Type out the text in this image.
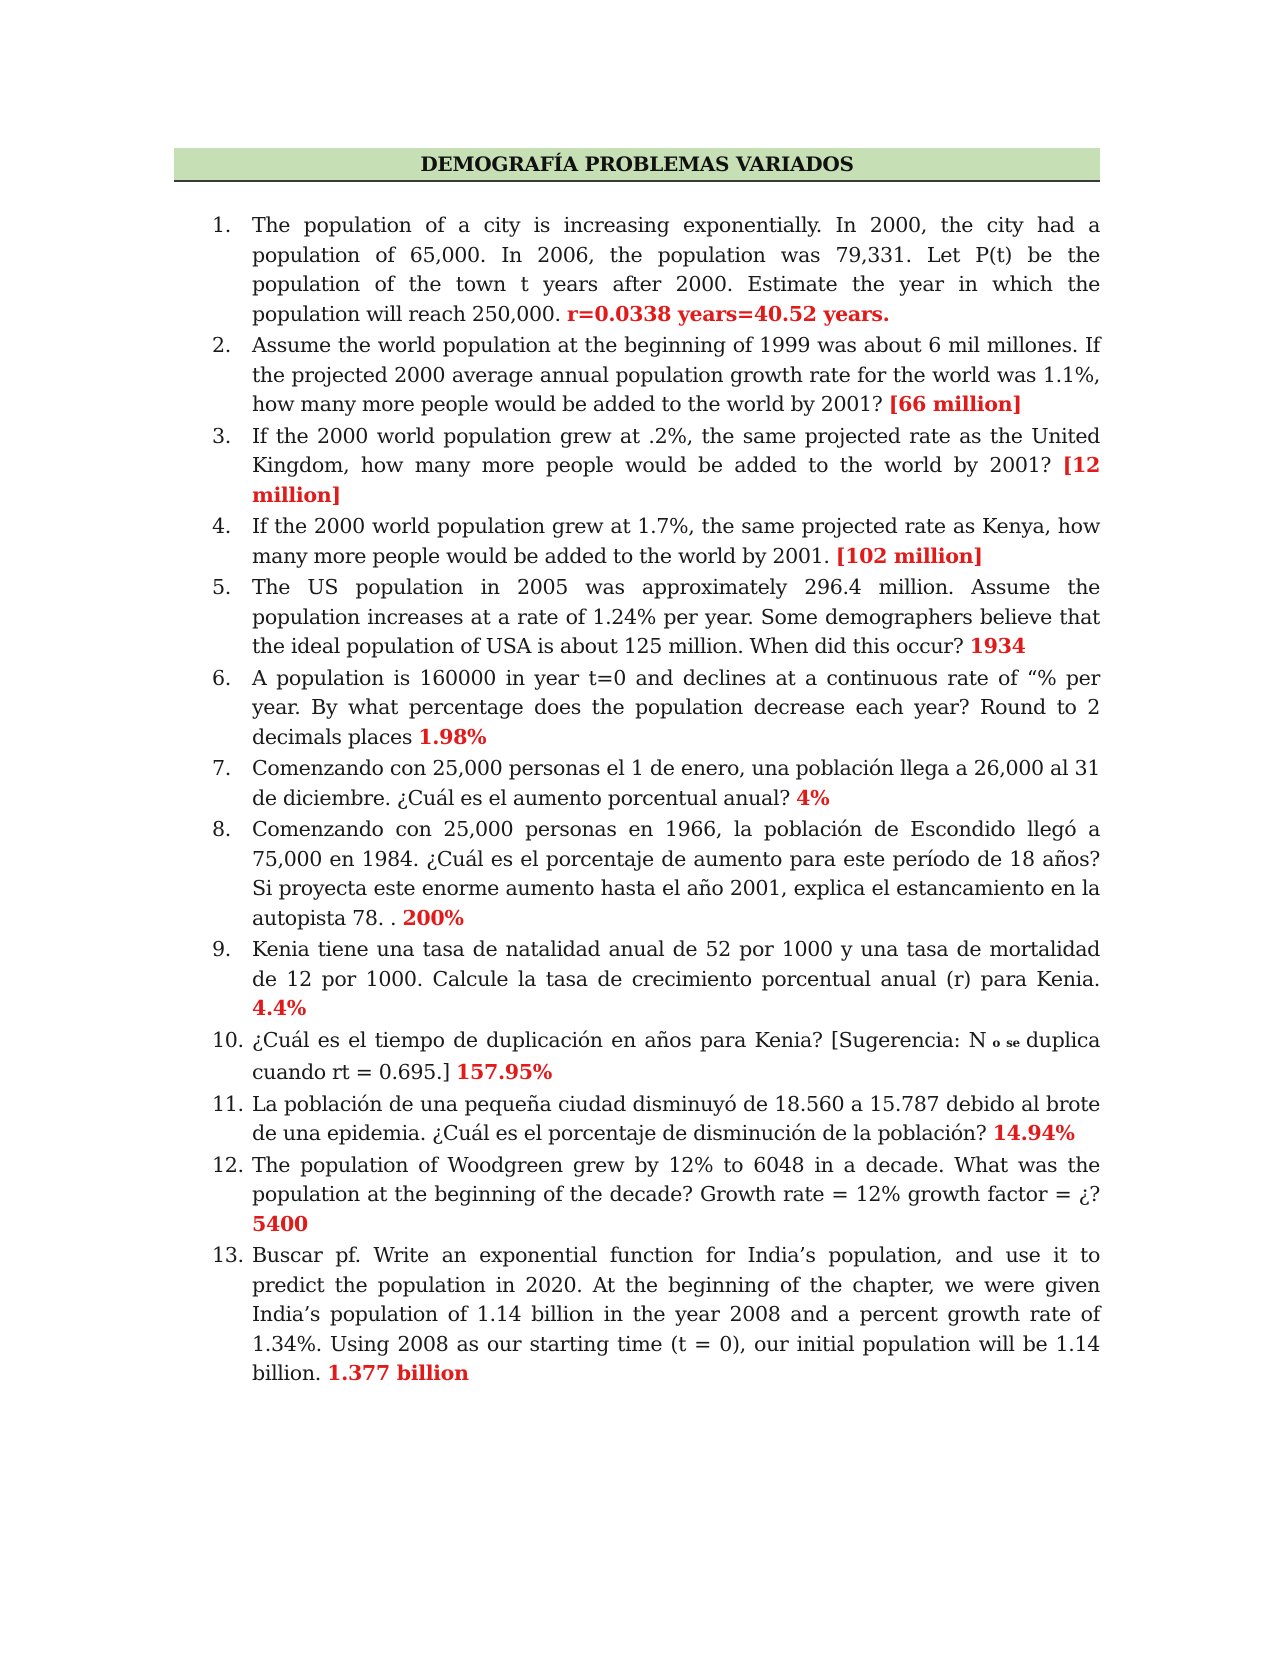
DEMOGRAFÍA PROBLEMAS VARIADOS
1.	The population of a city is increasing exponentially. In 2000, the city had a population of 65,000. In 2006, the population was 79,331. Let P(t) be the population of the town t years after 2000. Estimate the year in which the population will reach 250,000. r=0.0338 years=40.52 years.
2.	Assume the world population at the beginning of 1999 was about 6 mil millones. If the projected 2000 average annual population growth rate for the world was 1.1%, how many more people would be added to the world by 2001? [66 million]
3.	If the 2000 world population grew at .2%, the same projected rate as the United Kingdom, how many more people would be added to the world by 2001? [12 million]
4.	If the 2000 world population grew at 1.7%, the same projected rate as Kenya, how many more people would be added to the world by 2001. [102 million]
5.	The US population in 2005 was approximately 296.4 million. Assume the population increases at a rate of 1.24% per year. Some demographers believe that the ideal population of USA is about 125 million. When did this occur? 1934
6.	A population is 160000 in year t=0 and declines at a continuous rate of “% per year. By what percentage does the population decrease each year? Round to 2 decimals places 1.98%
7.	Comenzando con 25,000 personas el 1 de enero, una población llega a 26,000 al 31 de diciembre. ¿Cuál es el aumento porcentual anual? 4%
8.	Comenzando con 25,000 personas en 1966, la población de Escondido llegó a 75,000 en 1984. ¿Cuál es el porcentaje de aumento para este período de 18 años? Si proyecta este enorme aumento hasta el año 2001, explica el estancamiento en la autopista 78. . 200%
9.	Kenia tiene una tasa de natalidad anual de 52 por 1000 y una tasa de mortalidad de 12 por 1000. Calcule la tasa de crecimiento porcentual anual (r) para Kenia. 4.4%
10. ¿Cuál es el tiempo de duplicación en años para Kenia? [Sugerencia: N o se duplica cuando rt = 0.695.] 157.95%
11. La población de una pequeña ciudad disminuyó de 18.560 a 15.787 debido al brote de una epidemia. ¿Cuál es el porcentaje de disminución de la población? 14.94%
12. The population of Woodgreen grew by 12% to 6048 in a decade. What was the population at the beginning of the decade? Growth rate = 12% growth factor = ¿? 5400
13. Buscar pf. Write an exponential function for India’s population, and use it to predict the population in 2020. At the beginning of the chapter, we were given India’s population of 1.14 billion in the year 2008 and a percent growth rate of 1.34%. Using 2008 as our starting time (t = 0), our initial population will be 1.14 billion. 1.377 billion
